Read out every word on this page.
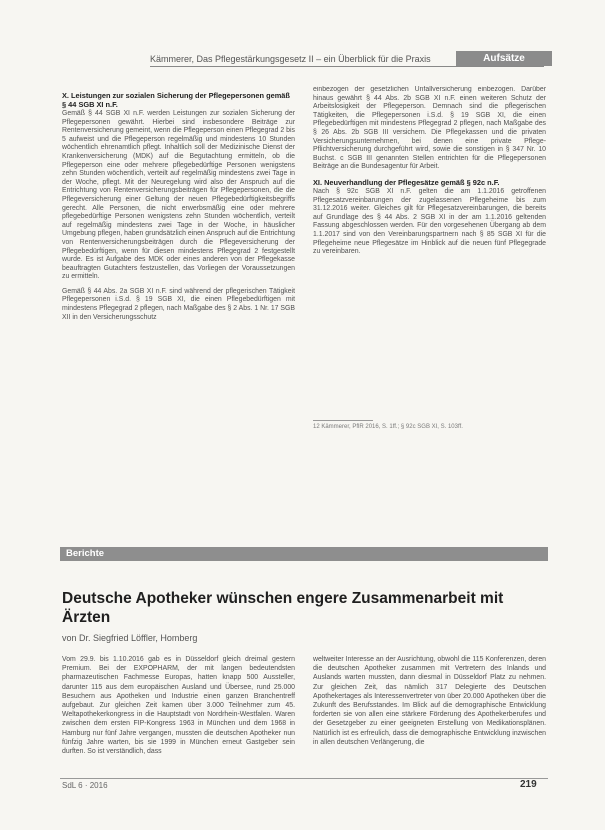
Kämmerer, Das Pflegestärkungsgesetz II – ein Überblick für die Praxis	Aufsätze
X. Leistungen zur sozialen Sicherung der Pflegepersonen gemäß § 44 SGB XI n.F.

Gemäß § 44 SGB XI n.F. werden Leistungen zur sozialen Sicherung der Pflegepersonen gewährt. Hierbei sind insbesondere Beiträge zur Rentenversicherung gemeint, wenn die Pflegeperson einen Pflegegrad 2 bis 5 aufweist und die Pflegeperson regelmäßig und mindestens 10 Stunden wöchentlich ehrenamtlich pflegt. Inhaltlich soll der Medizinische Dienst der Krankenversicherung (MDK) auf die Begutachtung ermitteln, ob die Pflegeperson eine oder mehrere pflegebedürftige Personen wenigstens zehn Stunden wöchentlich, verteilt auf regelmäßig mindestens zwei Tage in der Woche, pflegt. Mit der Neuregelung wird also der Anspruch auf die Entrichtung von Rentenversicherungsbeiträgen für Pflegepersonen, die die Pflegeversicherung einer Geltung der neuen Pflegebedürftigkeitsbegriffs gerecht. Alle Personen, die nicht erwerbsmäßig eine oder mehrere pflegebedürftige Personen wenigstens zehn Stunden wöchentlich, verteilt auf regelmäßig mindestens zwei Tage in der Woche, in häuslicher Umgebung pflegen, haben grundsätzlich einen Anspruch auf die Entrichtung von Rentenversicherungsbeiträgen durch die Pflegeversicherung der Pflegebedürftigen, wenn für diesen mindestens Pflegegrad 2 festgestellt wurde. Es ist Aufgabe des MDK oder eines anderen von der Pflegekasse beauftragten Gutachters festzustellen, das Vorliegen der Voraussetzungen zu ermitteln.

Gemäß § 44 Abs. 2a SGB XI n.F. sind während der pflegerischen Tätigkeit Pflegepersonen i.S.d. § 19 SGB XI, die einen Pflegebedürftigen mit mindestens Pflegegrad 2 pflegen, nach Maßgabe des § 2 Abs. 1 Nr. 17 SGB XII in den Versicherungsschutz

einbezogen der gesetzlichen Unfallversicherung einbezogen. Darüber hinaus gewährt § 44 Abs. 2b SGB XI n.F. einen weiteren Schutz der Arbeitslosigkeit der Pflegeperson. Demnach sind die pflegerischen Tätigkeiten, die Pflegepersonen i.S.d. § 19 SGB XI, die einen Pflegebedürftigen mit mindestens Pflegegrad 2 pflegen, nach Maßgabe des § 26 Abs. 2b SGB III versichern. Die Pflegekassen und die privaten Versicherungsunternehmen, bei denen eine private Pflege-Pflichtversicherung durchgeführt wird, sowie die sonstigen in § 347 Nr. 10 Buchst. c SGB III genannten Stellen entrichten für die Pflegepersonen Beiträge an die Bundesagentur für Arbeit.

XI. Neuverhandlung der Pflegesätze gemäß § 92c n.F.

Nach § 92c SGB XI n.F. gelten die am 1.1.2016 getroffenen Pflegesatzvereinbarungen der zugelassenen Pflegeheime bis zum 31.12.2016 weiter. Gleiches gilt für Pflegesatzvereinbarungen, die bereits auf Grundlage des § 44 Abs. 2 SGB XI in der am 1.1.2016 geltenden Fassung abgeschlossen werden. Für den vorgesehenen Übergang ab dem 1.1.2017 sind von den Vereinbarungspartnern nach § 85 SGB XI für die Pflegeheime neue Pflegesätze im Hinblick auf die neuen fünf Pflegegrade zu vereinbaren.

12 Kämmerer, PflR 2016, S. 1ff.; § 92c SGB XI, S. 103ff.
Berichte
Deutsche Apotheker wünschen engere Zusammenarbeit mit Ärzten
von Dr. Siegfried Löffler, Homberg
Vom 29.9. bis 1.10.2016 gab es in Düsseldorf gleich dreimal gestern Premium. Bei der EXPOPHARM, der mit langen bedeutendsten pharmazeutischen Fachmesse Europas, hatten knapp 500 Aussteller, darunter 115 aus dem europäischen Ausland und Übersee, rund 25.000 Besuchern aus Apotheken und Industrie einen ganzen Branchentreff aufgebaut. Zur gleichen Zeit kamen über 3.000 Teilnehmer zum 45. Weltapothekerkongress in die Hauptstadt von Nordrhein-Westfalen. Waren zwischen dem ersten FIP-Kongress 1963 in München und dem 1968 in Hamburg nur fünf Jahre vergangen, mussten die deutschen Apotheker nun fünfzig Jahre warten, bis sie 1999 in München erneut Gastgeber sein durften. So ist verständlich, dass
weltweiter Interesse an der Ausrichtung, obwohl die 115 Konferenzen, deren die deutschen Apotheker zusammen mit Vertretern des Inlands und Auslands warten mussten, dann diesmal in Düsseldorf Platz zu nehmen. Zur gleichen Zeit, das nämlich 317 Delegierte des Deutschen Apothekertages als Interessenvertreter von über 20.000 Apotheken über die Zukunft des Berufsstandes. Im Blick auf die demographische Entwicklung forderten sie von allen eine stärkere Förderung des Apothekerberufes und der Gesetzgeber zu einer geeigneten Erstellung von Medikationsplänen. Natürlich ist es erfreulich, dass die demographische Entwicklung inzwischen in allen deutschen Verlängerung, die
SdL 6 · 2016	219
